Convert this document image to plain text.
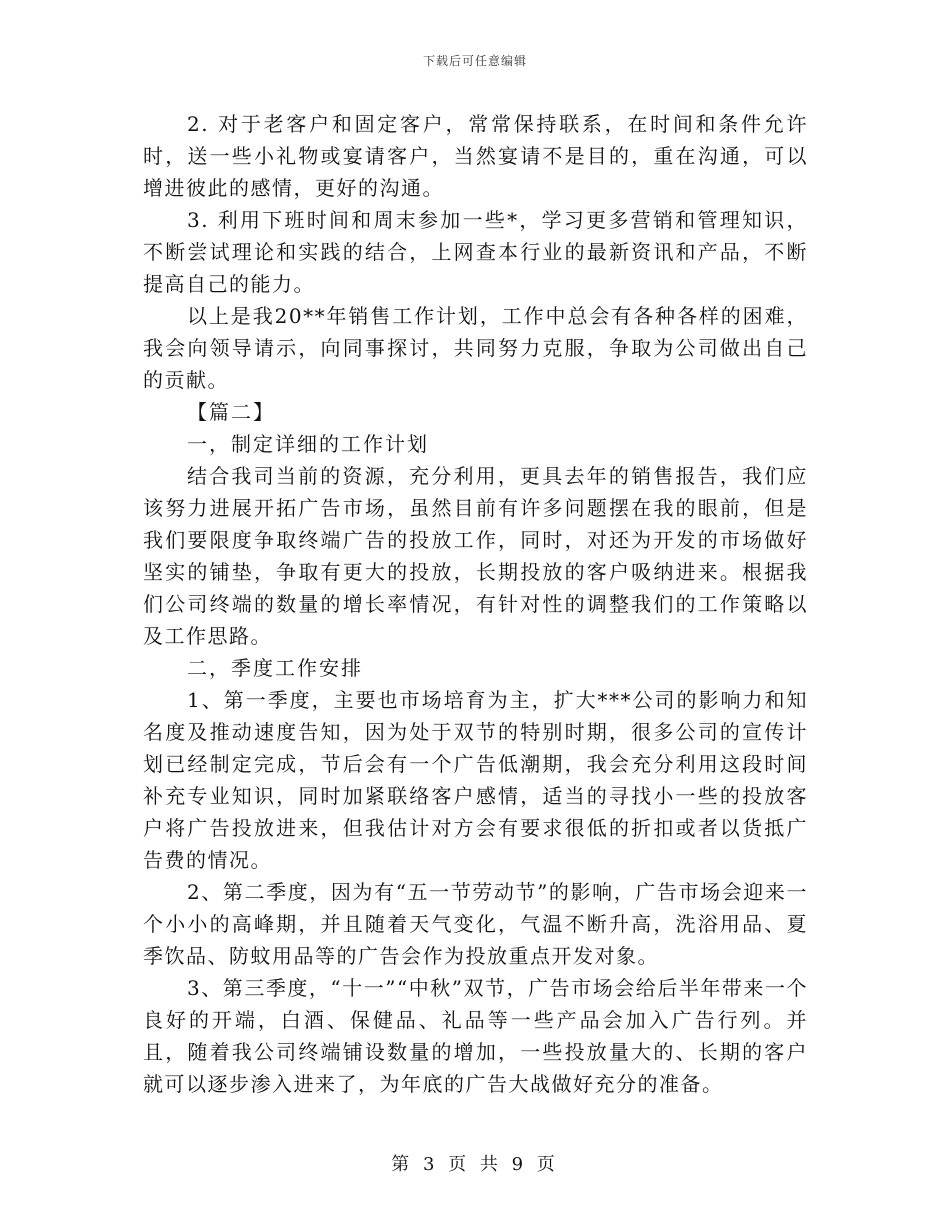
下载后可任意编辑

2. 对于老客户和固定客户，常常保持联系，在时间和条件允许时，送一些小礼物或宴请客户，当然宴请不是目的，重在沟通，可以增进彼此的感情，更好的沟通。

3. 利用下班时间和周末参加一些*，学习更多营销和管理知识，不断尝试理论和实践的结合，上网查本行业的最新资讯和产品，不断提高自己的能力。

以上是我20**年销售工作计划，工作中总会有各种各样的困难，我会向领导请示，向同事探讨，共同努力克服，争取为公司做出自己的贡献。

【篇二】

一，制定详细的工作计划

结合我司当前的资源，充分利用，更具去年的销售报告，我们应该努力进展开拓广告市场，虽然目前有许多问题摆在我的眼前，但是我们要限度争取终端广告的投放工作，同时，对还为开发的市场做好坚实的铺垫，争取有更大的投放，长期投放的客户吸纳进来。根据我们公司终端的数量的增长率情况，有针对性的调整我们的工作策略以及工作思路。

二，季度工作安排

1、第一季度，主要也市场培育为主，扩大***公司的影响力和知名度及推动速度告知，因为处于双节的特别时期，很多公司的宣传计划已经制定完成，节后会有一个广告低潮期，我会充分利用这段时间补充专业知识，同时加紧联络客户感情，适当的寻找小一些的投放客户将广告投放进来，但我估计对方会有要求很低的折扣或者以货抵广告费的情况。

2、第二季度，因为有“五一节劳动节”的影响，广告市场会迎来一个小小的高峰期，并且随着天气变化，气温不断升高，洗浴用品、夏季饮品、防蚊用品等的广告会作为投放重点开发对象。

3、第三季度，“十一”“中秋”双节，广告市场会给后半年带来一个良好的开端，白酒、保健品、礼品等一些产品会加入广告行列。并且，随着我公司终端铺设数量的增加，一些投放量大的、长期的客户就可以逐步渗入进来了，为年底的广告大战做好充分的准备。

第 3 页 共 9 页
